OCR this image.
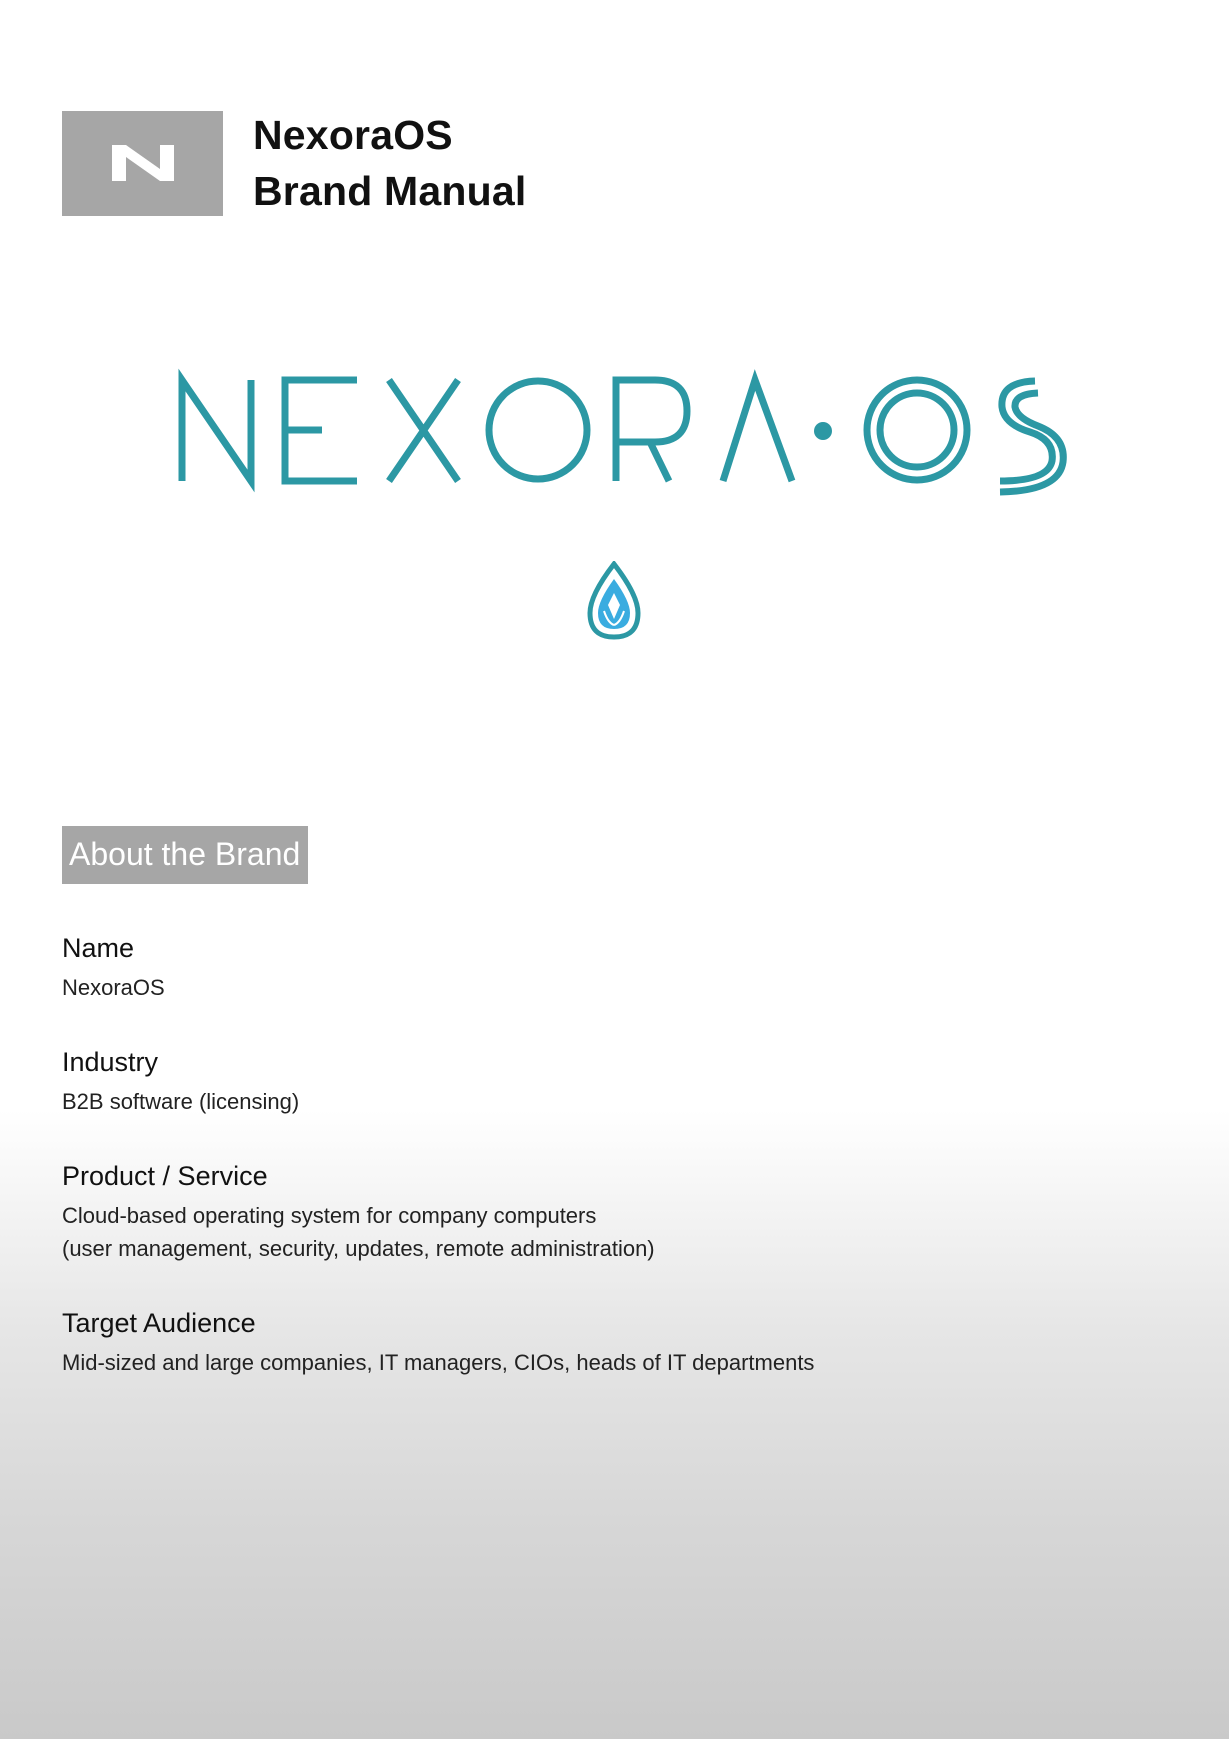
NexoraOS
Brand Manual
About the Brand
Name
NexoraOS
Industry
B2B software (licensing)
Product / Service
Cloud-based operating system for company computers
(user management, security, updates, remote administration)
Target Audience
Mid-sized and large companies, IT managers, CIOs, heads of IT departments
